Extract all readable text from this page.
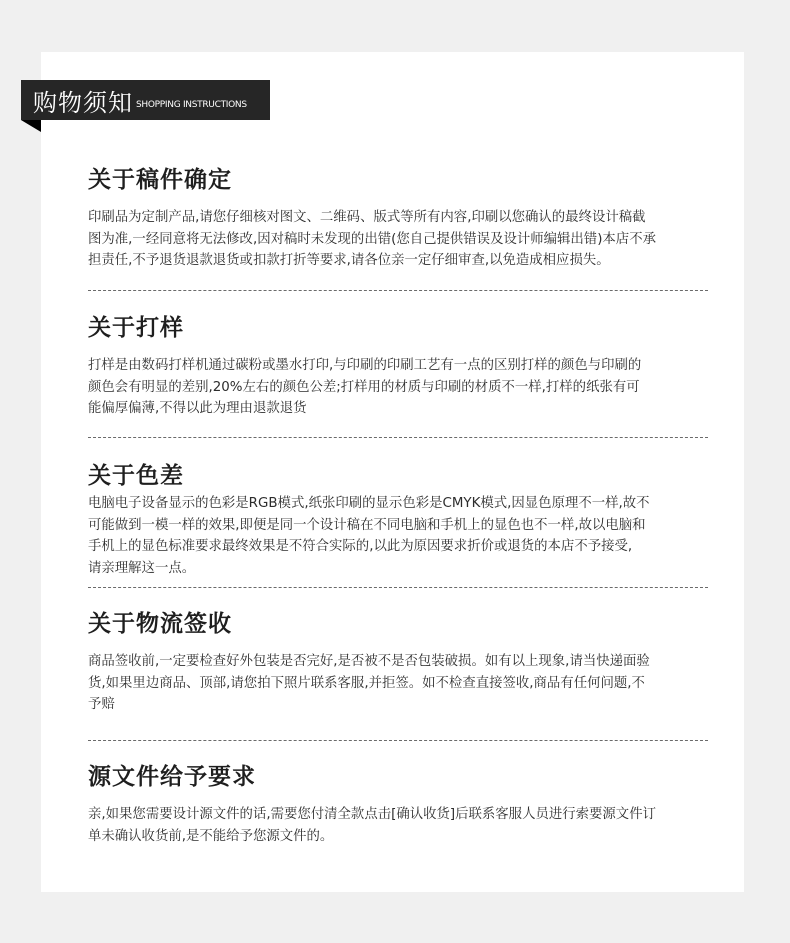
购物须知 SHOPPING INSTRUCTIONS
关于稿件确定

印刷品为定制产品,请您仔细核对图文、二维码、版式等所有内容,印刷以您确认的最终设计稿截
图为准,一经同意将无法修改,因对稿时未发现的出错(您自己提供错误及设计师编辑出错)本店不承
担责任,不予退货退款退货或扣款打折等要求,请各位亲一定仔细审查,以免造成相应损失。

关于打样

打样是由数码打样机通过碳粉或墨水打印,与印刷的印刷工艺有一点的区别打样的颜色与印刷的
颜色会有明显的差别,20%左右的颜色公差;打样用的材质与印刷的材质不一样,打样的纸张有可
能偏厚偏薄,不得以此为理由退款退货

关于色差

电脑电子设备显示的色彩是RGB模式,纸张印刷的显示色彩是CMYK模式,因显色原理不一样,故不
可能做到一模一样的效果,即便是同一个设计稿在不同电脑和手机上的显色也不一样,故以电脑和
手机上的显色标准要求最终效果是不符合实际的,以此为原因要求折价或退货的本店不予接受,
请亲理解这一点。

关于物流签收

商品签收前,一定要检查好外包装是否完好,是否被不是否包装破损。如有以上现象,请当快递面验
货,如果里边商品、顶部,请您拍下照片联系客服,并拒签。如不检查直接签收,商品有任何问题,不
予赔

源文件给予要求

亲,如果您需要设计源文件的话,需要您付清全款点击[确认收货]后联系客服人员进行索要源文件订
单未确认收货前,是不能给予您源文件的。
